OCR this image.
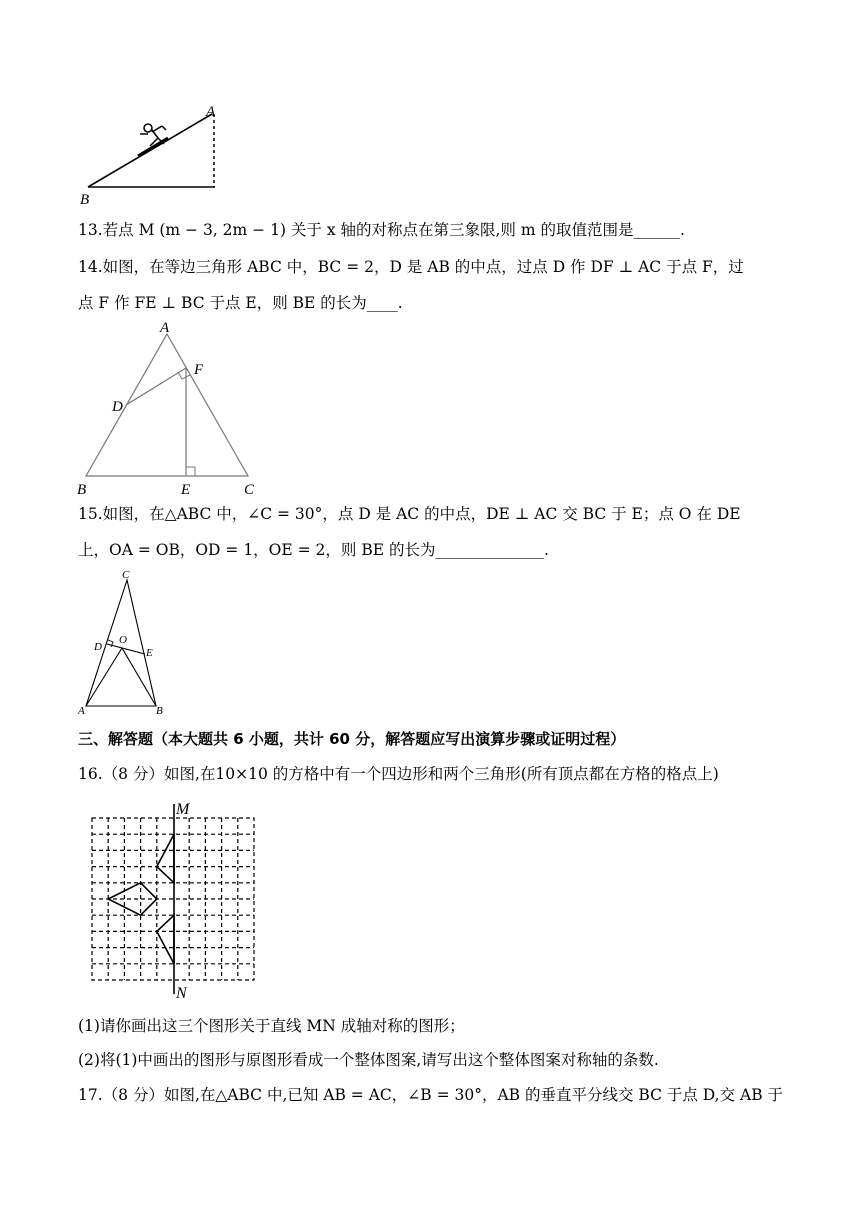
A
B
13.若点 M (m − 3, 2m − 1) 关于 x 轴的对称点在第三象限,则 m 的取值范围是______.
14.如图，在等边三角形 ABC 中，BC = 2，D 是 AB 的中点，过点 D 作 DF ⊥ AC 于点 F，过
点 F 作 FE ⊥ BC 于点 E，则 BE 的长为____.
A
B	C
D
E
F
15.如图，在△ABC 中，∠C = 30°，点 D 是 AC 的中点，DE ⊥ AC 交 BC 于 E；点 O 在 DE
上，OA = OB，OD = 1，OE = 2，则 BE 的长为______________.
C
D
O
E
A	B
三、解答题（本大题共 6 小题，共计 60 分，解答题应写出演算步骤或证明过程）
16.（8 分）如图,在10×10 的方格中有一个四边形和两个三角形(所有顶点都在方格的格点上)
M
N
(1)请你画出这三个图形关于直线 MN 成轴对称的图形；
(2)将(1)中画出的图形与原图形看成一个整体图案,请写出这个整体图案对称轴的条数.
17.（8 分）如图,在△ABC 中,已知 AB = AC，∠B = 30°，AB 的垂直平分线交 BC 于点 D,交 AB 于
